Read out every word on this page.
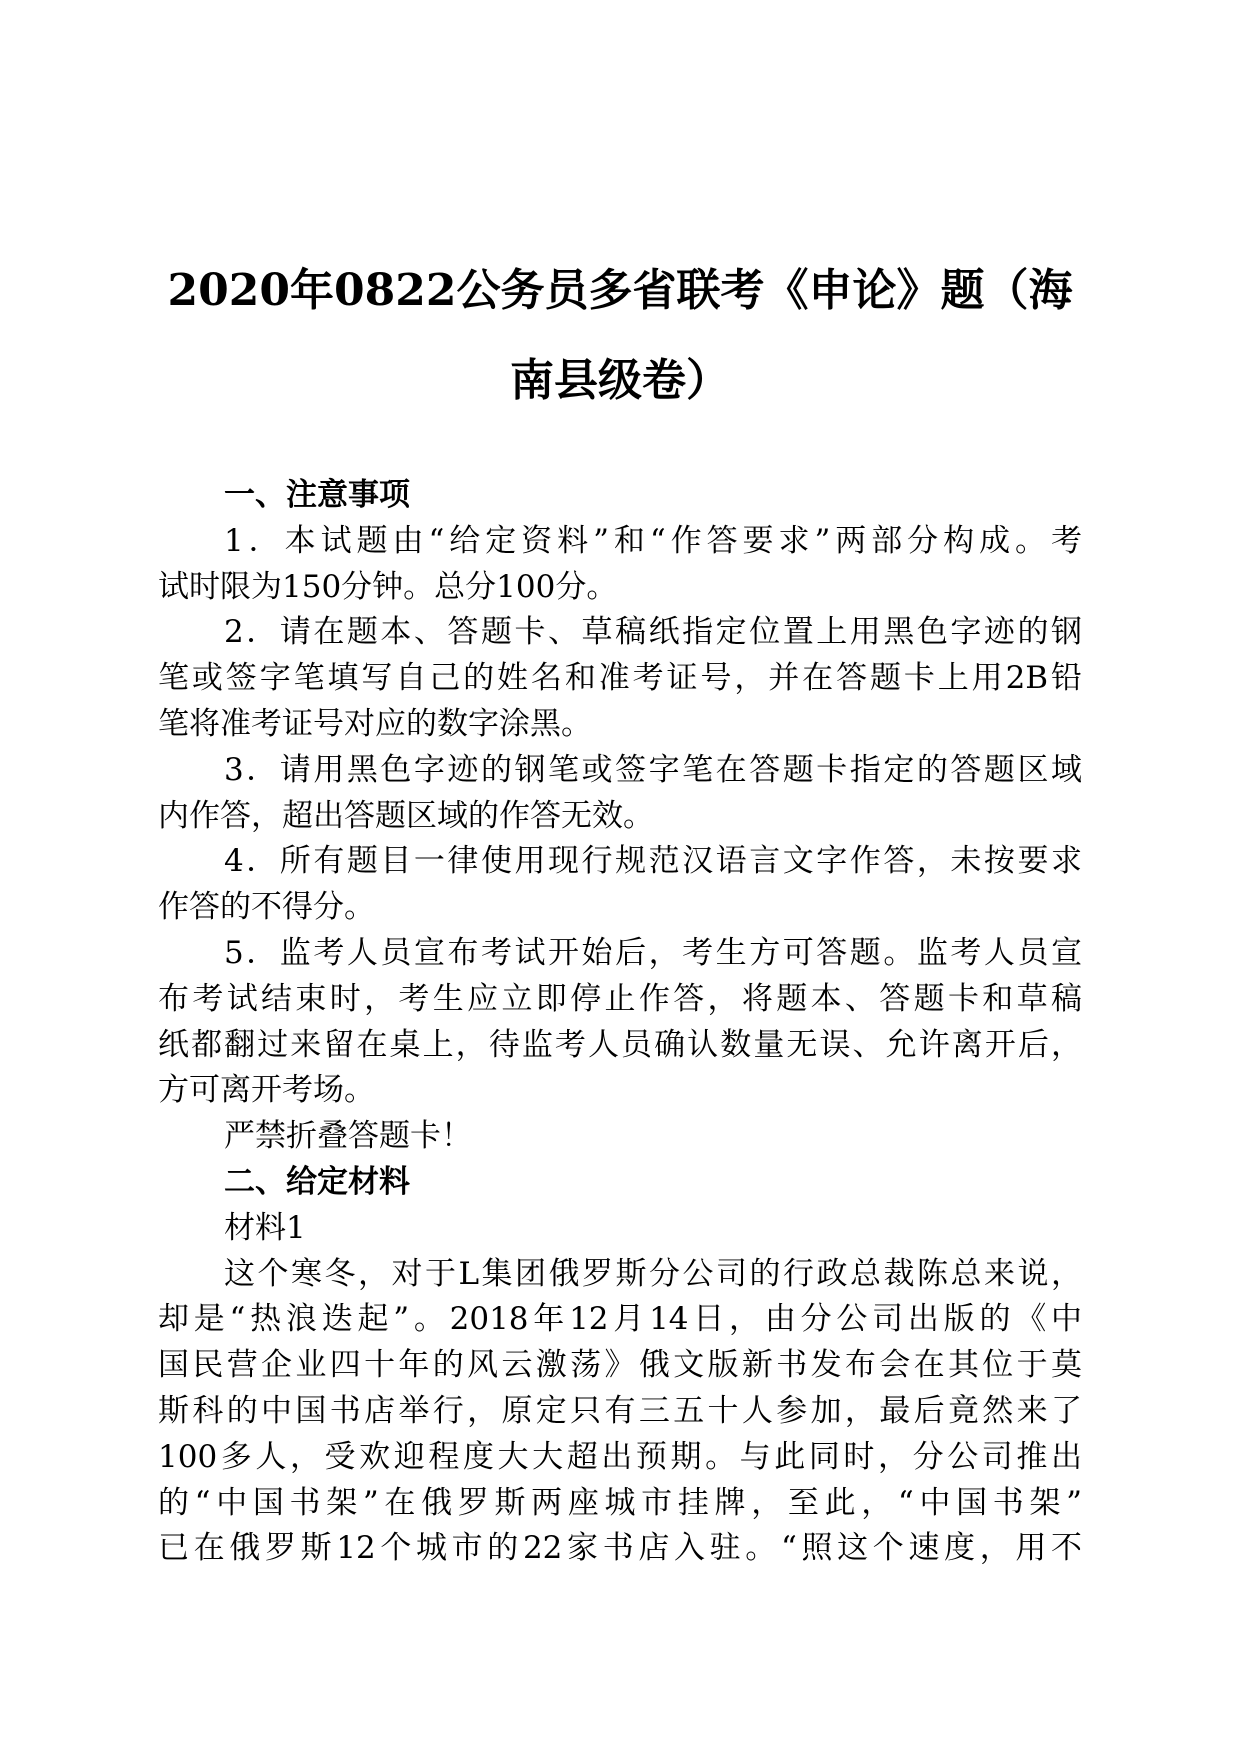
2020年0822公务员多省联考《申论》题（海
南县级卷）
一、注意事项
1．本试题由“给定资料”和“作答要求”两部分构成。考
试时限为150分钟。总分100分。
2．请在题本、答题卡、草稿纸指定位置上用黑色字迹的钢
笔或签字笔填写自己的姓名和准考证号，并在答题卡上用2B铅
笔将准考证号对应的数字涂黑。
3．请用黑色字迹的钢笔或签字笔在答题卡指定的答题区域
内作答，超出答题区域的作答无效。
4．所有题目一律使用现行规范汉语言文字作答，未按要求
作答的不得分。
5．监考人员宣布考试开始后，考生方可答题。监考人员宣
布考试结束时，考生应立即停止作答，将题本、答题卡和草稿
纸都翻过来留在桌上，待监考人员确认数量无误、允许离开后，
方可离开考场。
严禁折叠答题卡！
二、给定材料
材料1
这个寒冬，对于L集团俄罗斯分公司的行政总裁陈总来说，
却是“热浪迭起”。2018年12月14日，由分公司出版的《中
国民营企业四十年的风云激荡》俄文版新书发布会在其位于莫
斯科的中国书店举行，原定只有三五十人参加，最后竟然来了
100多人，受欢迎程度大大超出预期。与此同时，分公司推出
的“中国书架”在俄罗斯两座城市挂牌，至此，“中国书架”
已在俄罗斯12个城市的22家书店入驻。“照这个速度，用不
